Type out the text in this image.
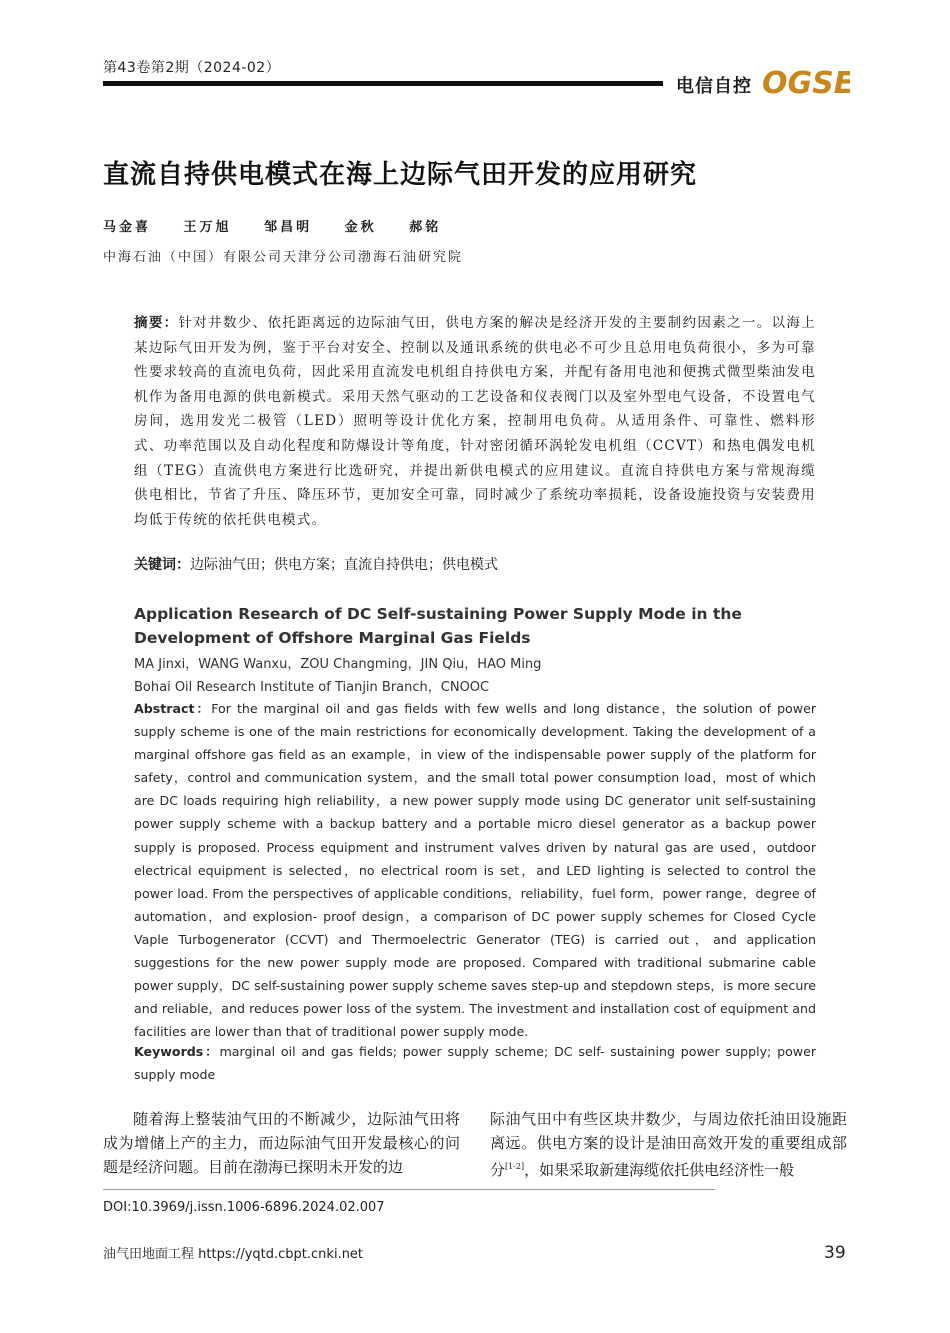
第43卷第2期（2024-02）
电信自控 OGSE
直流自持供电模式在海上边际气田开发的应用研究
马金喜	王万旭	邹昌明	金秋	郝铭
中海石油（中国）有限公司天津分公司渤海石油研究院
摘要：针对井数少、依托距离远的边际油气田，供电方案的解决是经济开发的主要制约因素之一。以海上某边际气田开发为例，鉴于平台对安全、控制以及通讯系统的供电必不可少且总用电负荷很小，多为可靠性要求较高的直流电负荷，因此采用直流发电机组自持供电方案，并配有备用电池和便携式微型柴油发电机作为备用电源的供电新模式。采用天然气驱动的工艺设备和仪表阀门以及室外型电气设备，不设置电气房间，选用发光二极管（LED）照明等设计优化方案，控制用电负荷。从适用条件、可靠性、燃料形式、功率范围以及自动化程度和防爆设计等角度，针对密闭循环涡轮发电机组（CCVT）和热电偶发电机组（TEG）直流供电方案进行比选研究，并提出新供电模式的应用建议。直流自持供电方案与常规海缆供电相比，节省了升压、降压环节，更加安全可靠，同时减少了系统功率损耗，设备设施投资与安装费用均低于传统的依托供电模式。
关键词：边际油气田；供电方案；直流自持供电；供电模式
Application Research of DC Self-sustaining Power Supply Mode in the Development of Offshore Marginal Gas Fields
MA Jinxi，WANG Wanxu，ZOU Changming，JIN Qiu，HAO Ming
Bohai Oil Research Institute of Tianjin Branch，CNOOC
Abstract：For the marginal oil and gas fields with few wells and long distance，the solution of power supply scheme is one of the main restrictions for economically development. Taking the development of a marginal offshore gas field as an example，in view of the indispensable power supply of the platform for safety，control and communication system，and the small total power consumption load，most of which are DC loads requiring high reliability，a new power supply mode using DC generator unit self-sustaining power supply scheme with a backup battery and a portable micro diesel generator as a backup power supply is proposed. Process equipment and instrument valves driven by natural gas are used，outdoor electrical equipment is selected，no electrical room is set，and LED lighting is selected to control the power load. From the perspectives of applicable conditions，reliability，fuel form，power range，degree of automation，and explosion- proof design，a comparison of DC power supply schemes for Closed Cycle Vaple Turbogenerator (CCVT) and Thermoelectric Generator (TEG) is carried out，and application suggestions for the new power supply mode are proposed. Compared with traditional submarine cable power supply，DC self-sustaining power supply scheme saves step-up and stepdown steps，is more secure and reliable，and reduces power loss of the system. The investment and installation cost of equipment and facilities are lower than that of traditional power supply mode.
Keywords：marginal oil and gas fields; power supply scheme; DC self- sustaining power supply; power supply mode
随着海上整装油气田的不断减少，边际油气田将成为增储上产的主力，而边际油气田开发最核心的问题是经济问题。目前在渤海已探明未开发的边
际油气田中有些区块井数少，与周边依托油田设施距离远。供电方案的设计是油田高效开发的重要组成部分[1-2]，如果采取新建海缆依托供电经济性一般
DOI:10.3969/j.issn.1006-6896.2024.02.007
油气田地面工程 https://yqtd.cbpt.cnki.net	39
